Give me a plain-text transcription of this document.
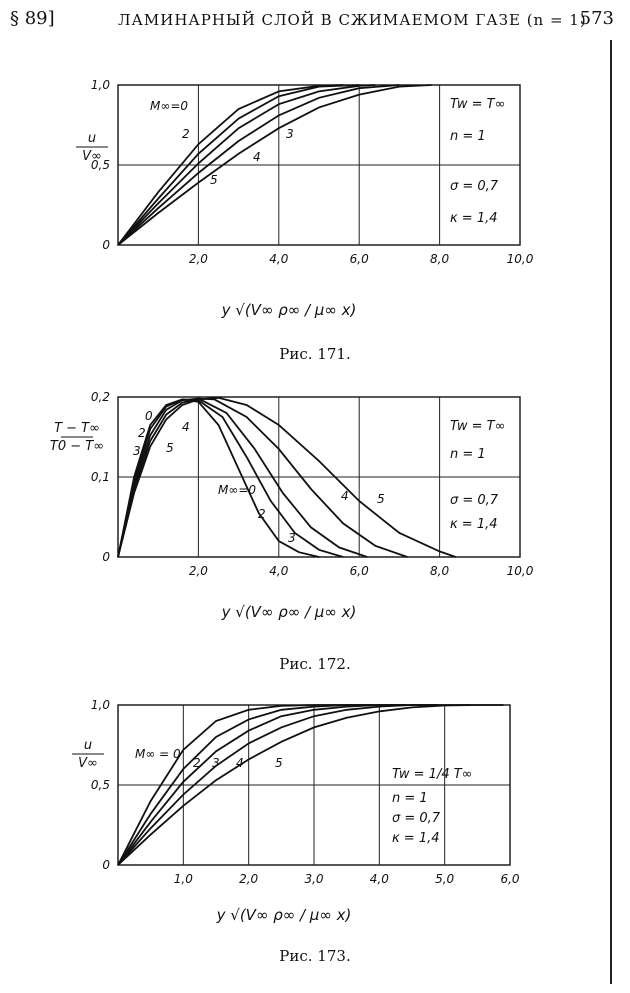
§ 89]	ЛАМИНАРНЫЙ СЛОЙ В СЖИМАЕМОМ ГАЗЕ (n = 1)
573
2,0	4,0	6,0	8,0	10,0
0
0,5
1,0
u
V∞
y √(V∞ ρ∞ / μ∞ x)
Tw = T∞
n = 1
σ = 0,7
κ = 1,4
M∞=0
2	3
4
5
Рис. 171.
2,0	4,0	6,0	8,0	10,0
0
0,1
0,2
T − T∞
T0 − T∞
y √(V∞ ρ∞ / μ∞ x)
Tw = T∞
n = 1
σ = 0,7
κ = 1,4
0
2
3
4
5
M∞=0
2
3
4 5
Рис. 172.
1,0	2,0	3,0	4,0	5,0	6,0
0
0,5
1,0
u
V∞
y √(V∞ ρ∞ / μ∞ x)
Tw = 1/4 T∞
n = 1
σ = 0,7
κ = 1,4
M∞ = 0
2 3 4	5
Рис. 173.
